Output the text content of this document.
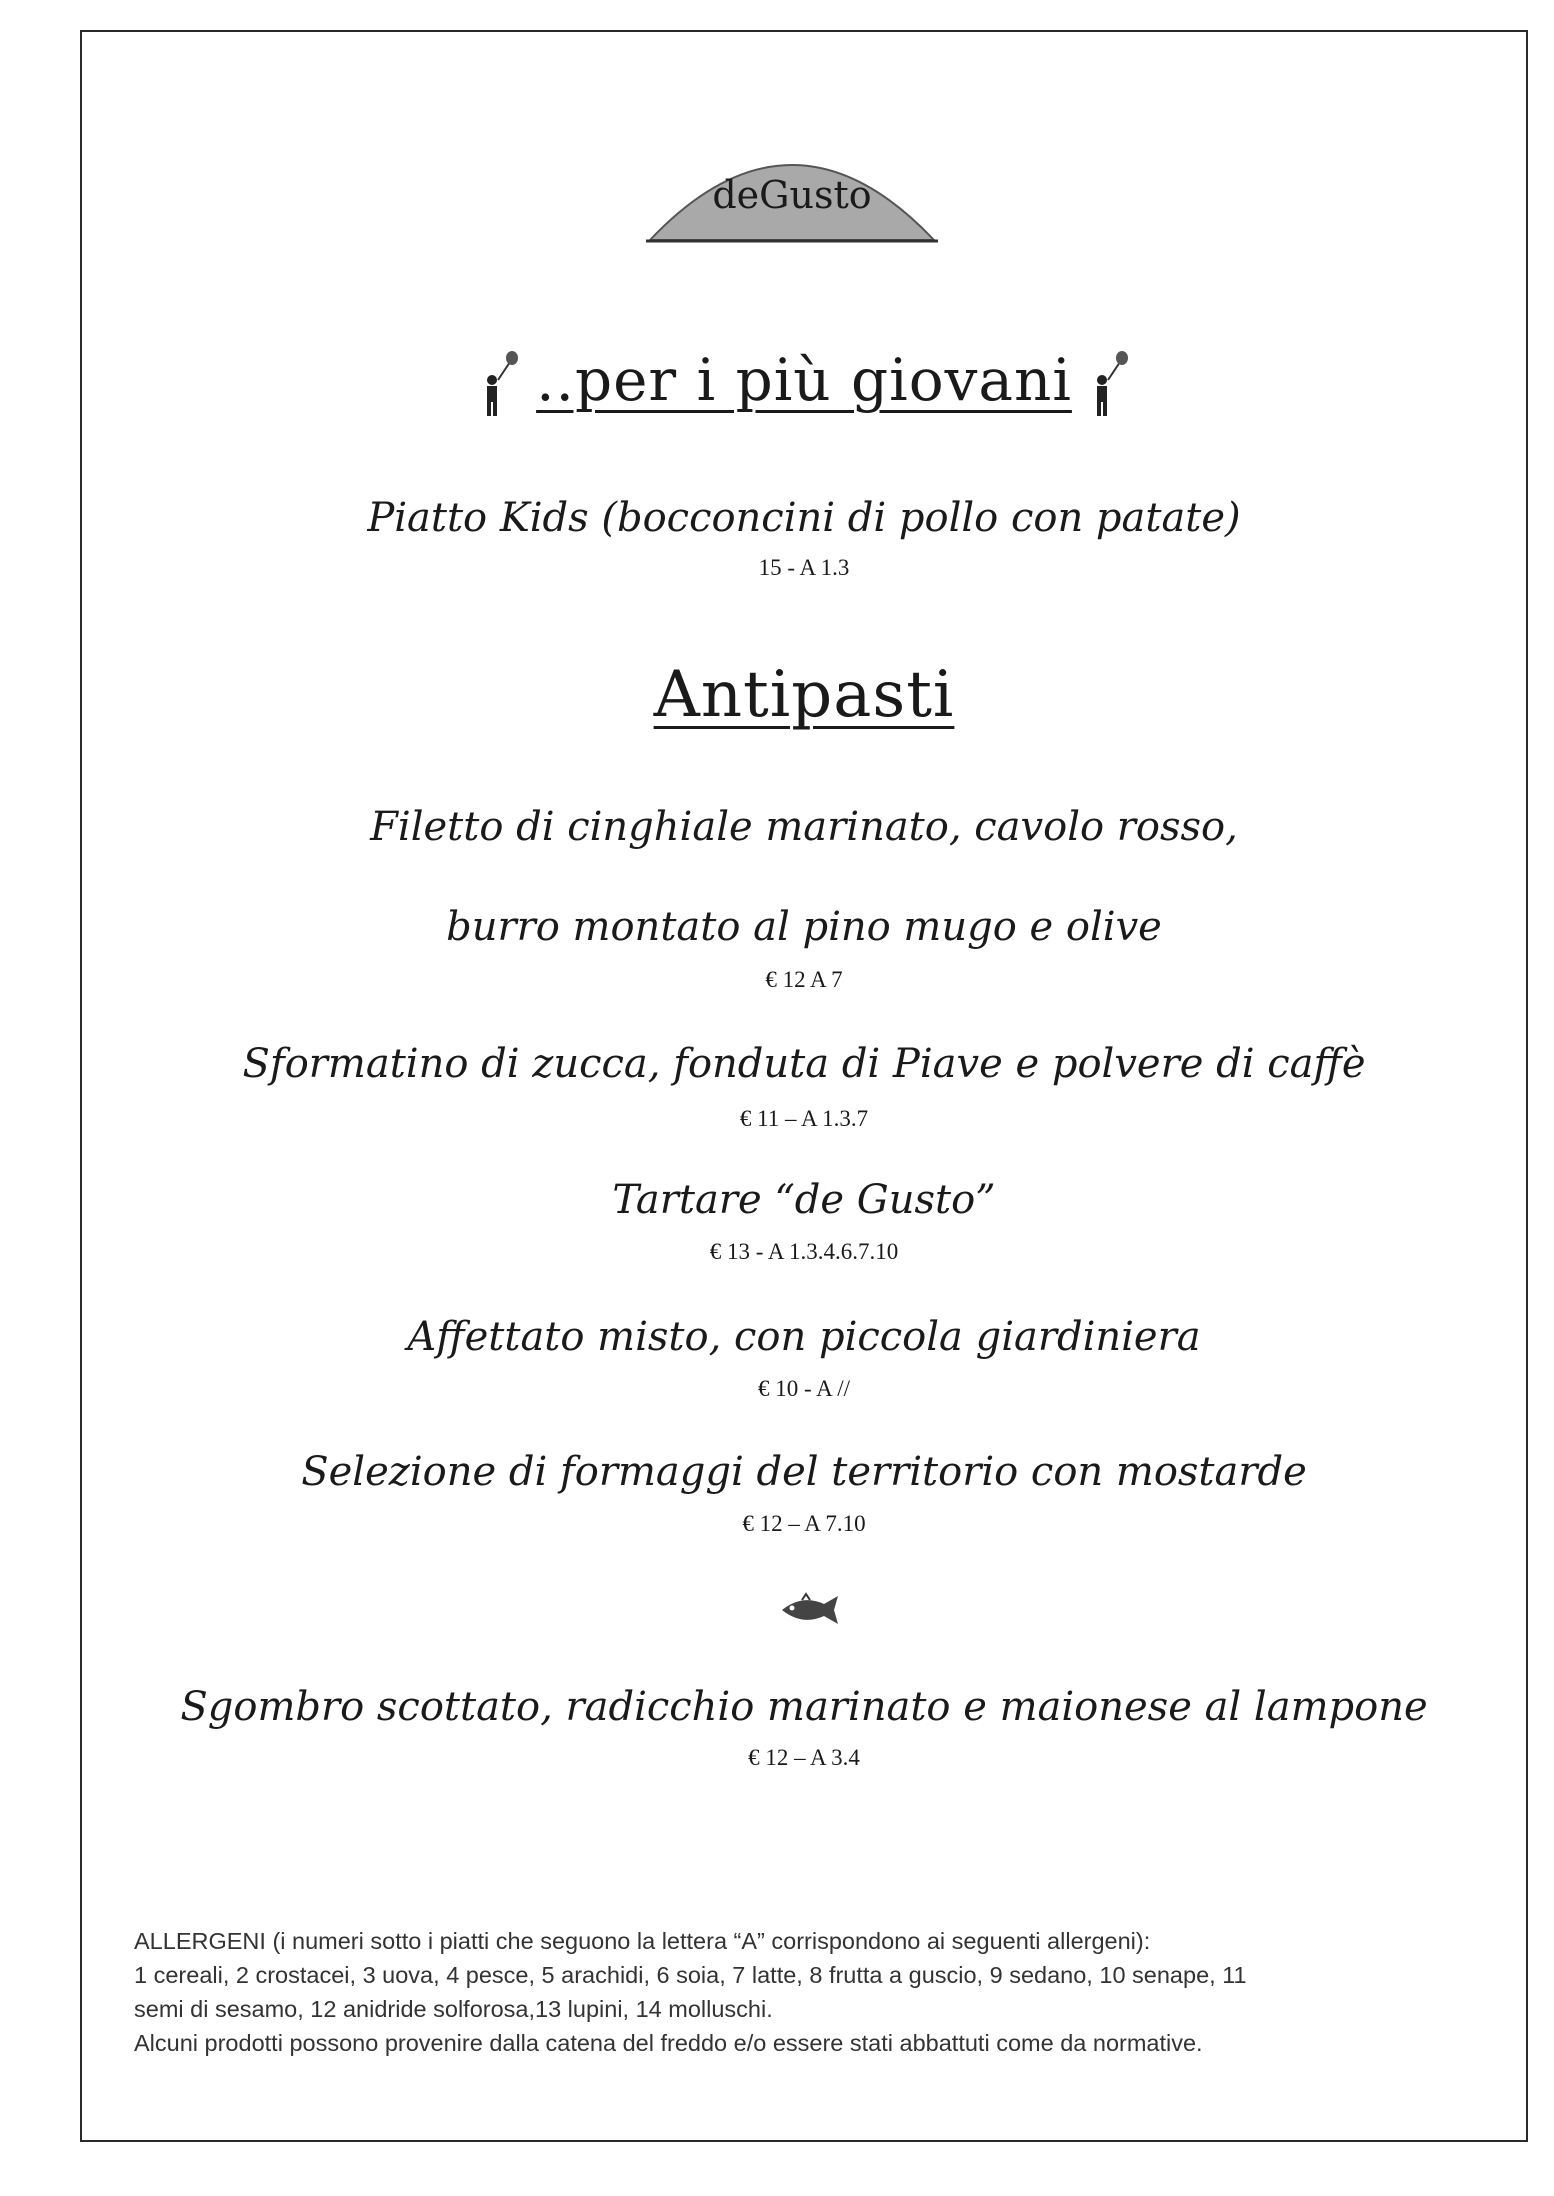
deGusto
..per i più giovani
Piatto Kids (bocconcini di pollo con patate)
15 - A 1.3
Antipasti
Filetto di cinghiale marinato, cavolo rosso,
burro montato al pino mugo e olive
€ 12 A 7
Sformatino di zucca, fonduta di Piave e polvere di caffè
€ 11 – A 1.3.7
Tartare “de Gusto”
€ 13 - A 1.3.4.6.7.10
Affettato misto, con piccola giardiniera
€ 10 - A //
Selezione di formaggi del territorio con mostarde
€ 12 – A 7.10
Sgombro scottato, radicchio marinato e maionese al lampone
€ 12 – A 3.4

ALLERGENI (i numeri sotto i piatti che seguono la lettera “A” corrispondono ai seguenti allergeni):

1 cereali, 2 crostacei, 3 uova, 4 pesce, 5 arachidi, 6 soia, 7 latte, 8 frutta a guscio, 9 sedano, 10 senape, 11

semi di sesamo, 12 anidride solforosa,13 lupini, 14 molluschi.

Alcuni prodotti possono provenire dalla catena del freddo e/o essere stati abbattuti come da normative.
